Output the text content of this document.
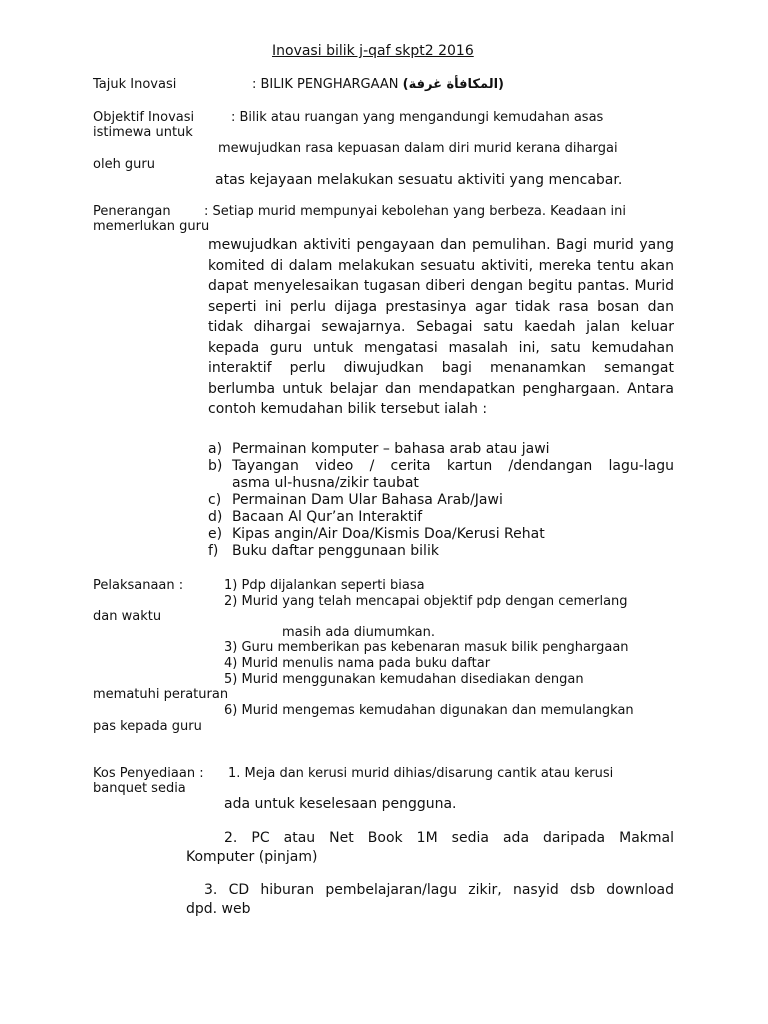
Inovasi bilik j-qaf skpt2 2016
Tajuk Inovasi	: BILIK PENGHARGAAN (المكافأة غرفة)
Objektif Inovasi	: Bilik atau ruangan yang mengandungi kemudahan asas
istimewa untuk
mewujudkan rasa kepuasan dalam diri murid kerana dihargai
oleh guru
atas kejayaan melakukan sesuatu aktiviti yang mencabar.
Penerangan	: Setiap murid mempunyai kebolehan yang berbeza. Keadaan ini
memerlukan guru
mewujudkan aktiviti pengayaan dan pemulihan. Bagi murid yang komited di dalam melakukan sesuatu aktiviti, mereka tentu akan dapat menyelesaikan tugasan diberi dengan begitu pantas. Murid seperti ini perlu dijaga prestasinya agar tidak rasa bosan dan tidak dihargai sewajarnya. Sebagai satu kaedah jalan keluar kepada guru untuk mengatasi masalah ini, satu kemudahan interaktif perlu diwujudkan bagi menanamkan semangat berlumba untuk belajar dan mendapatkan penghargaan. Antara contoh kemudahan bilik tersebut ialah :
a) Permainan komputer – bahasa arab atau jawi
b) Tayangan video / cerita kartun /dendangan lagu-lagu
asma ul-husna/zikir taubat
c) Permainan Dam Ular Bahasa Arab/Jawi
d) Bacaan Al Qur’an Interaktif
e) Kipas angin/Air Doa/Kismis Doa/Kerusi Rehat
f) Buku daftar penggunaan bilik
Pelaksanaan :	1) Pdp dijalankan seperti biasa
2) Murid yang telah mencapai objektif pdp dengan cemerlang
dan waktu
masih ada diumumkan.
3) Guru memberikan pas kebenaran masuk bilik penghargaan
4) Murid menulis nama pada buku daftar
5) Murid menggunakan kemudahan disediakan dengan
mematuhi peraturan
6) Murid mengemas kemudahan digunakan dan memulangkan
pas kepada guru
Kos Penyediaan : 1. Meja dan kerusi murid dihias/disarung cantik atau kerusi
banquet sedia
ada untuk keselesaan pengguna.
2. PC atau Net Book 1M sedia ada daripada Makmal
Komputer (pinjam)
3. CD hiburan pembelajaran/lagu zikir, nasyid dsb download
dpd. web
